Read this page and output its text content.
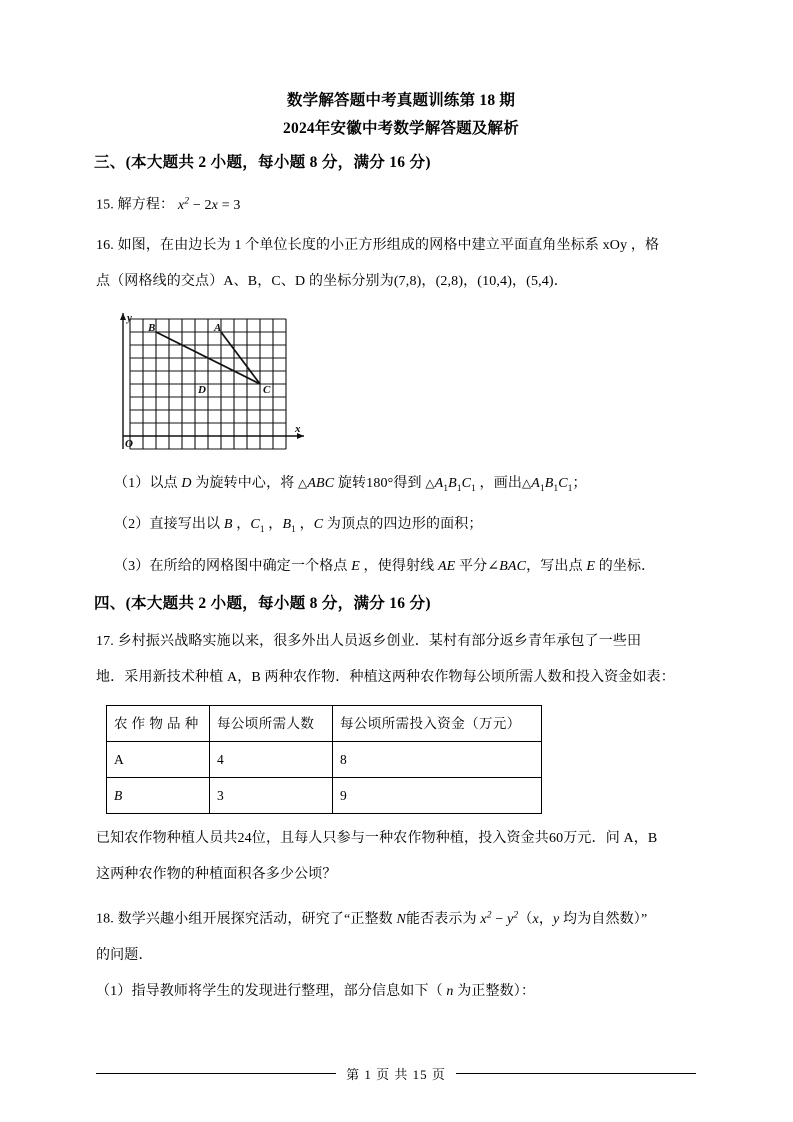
数学解答题中考真题训练第 18 期
2024年安徽中考数学解答题及解析
三、(本大题共 2 小题，每小题 8 分，满分 16 分)
15. 解方程： $x^2 - 2x = 3$
16. 如图，在由边长为 1 个单位长度的小正方形组成的网格中建立平面直角坐标系 xOy ，格
点（网格线的交点）A、B，C、D 的坐标分别为(7,8)，(2,8)，(10,4)，(5,4)．
B	A
C
D
x
y
O
（1）以点 D 为旋转中心，将 △ ABC 旋转180°得到 △ $A_1B_1C_1$ ，画出 △ $A_1B_1C_1$；
（2）直接写出以 B ，$C_1$ ，$B_1$ ，C 为顶点的四边形的面积；
（3）在所给的网格图中确定一个格点 E ，使得射线 AE 平分∠BAC，写出点 E 的坐标．
四、(本大题共 2 小题，每小题 8 分，满分 16 分)
17. 乡村振兴战略实施以来，很多外出人员返乡创业．某村有部分返乡青年承包了一些田
地．采用新技术种植 A，B 两种农作物．种植这两种农作物每公顷所需人数和投入资金如表：
农 作 物 品 种	每公顷所需人数	每公顷所需投入资金（万元）
A	4	8
B	3	9
已知农作物种植人员共24位，且每人只参与一种农作物种植，投入资金共60万元．问 A，B
这两种农作物的种植面积各多少公顷？
18. 数学兴趣小组开展探究活动，研究了“正整数 N能否表示为 $x^2 - y^2(x$，y 均为自然数）”
的问题．
（1）指导教师将学生的发现进行整理，部分信息如下（ n 为正整数）：
第 1 页 共 15 页
